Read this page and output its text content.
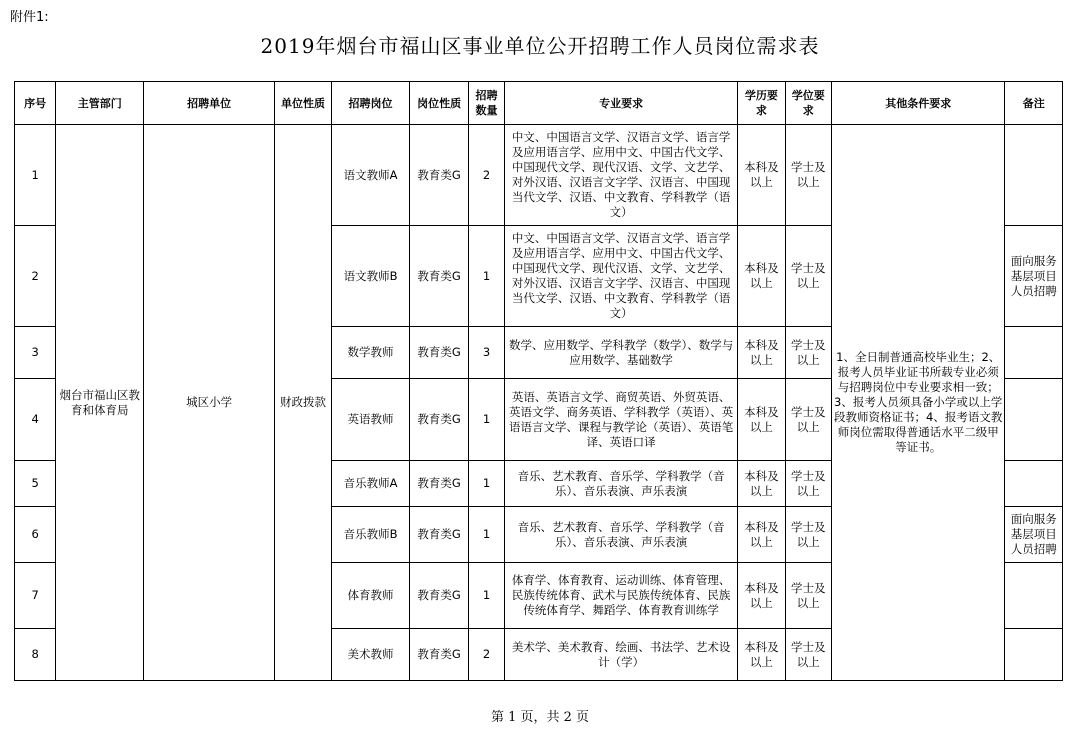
附件1:
2019年烟台市福山区事业单位公开招聘工作人员岗位需求表
序号	主管部门	招聘单位	单位性质	招聘岗位	岗位性质	招聘数量	专业要求	学历要求	学位要求	其他条件要求	备注
1	烟台市福山区教育和体育局	城区小学	财政拨款	语文教师A	教育类G	2	中文、中国语言文学、汉语言文学、语言学及应用语言学、应用中文、中国古代文学、中国现代文学、现代汉语、文学、文艺学、对外汉语、汉语言文字学、汉语言、中国现当代文学、汉语、中文教育、学科教学（语文）	本科及以上	学士及以上	1、全日制普通高校毕业生；2、报考人员毕业证书所载专业必须与招聘岗位中专业要求相一致；3、报考人员须具备小学或以上学段教师资格证书；4、报考语文教师岗位需取得普通话水平二级甲等证书。	
2				语文教师B	教育类G	1	中文、中国语言文学、汉语言文学、语言学及应用语言学、应用中文、中国古代文学、中国现代文学、现代汉语、文学、文艺学、对外汉语、汉语言文字学、汉语言、中国现当代文学、汉语、中文教育、学科教学（语文）	本科及以上	学士及以上		面向服务基层项目人员招聘
3				数学教师	教育类G	3	数学、应用数学、学科教学（数学）、数学与应用数学、基础数学	本科及以上	学士及以上		
4				英语教师	教育类G	1	英语、英语言文学、商贸英语、外贸英语、英语文学、商务英语、学科教学（英语）、英语语言文学、课程与教学论（英语）、英语笔译、英语口译	本科及以上	学士及以上		
5				音乐教师A	教育类G	1	音乐、艺术教育、音乐学、学科教学（音乐）、音乐表演、声乐表演	本科及以上	学士及以上		
6				音乐教师B	教育类G	1	音乐、艺术教育、音乐学、学科教学（音乐）、音乐表演、声乐表演	本科及以上	学士及以上		面向服务基层项目人员招聘
7				体育教师	教育类G	1	体育学、体育教育、运动训练、体育管理、民族传统体育、武术与民族传统体育、民族传统体育学、舞蹈学、体育教育训练学	本科及以上	学士及以上		
8				美术教师	教育类G	2	美术学、美术教育、绘画、书法学、艺术设计（学）	本科及以上	学士及以上		
第 1 页，共 2 页
